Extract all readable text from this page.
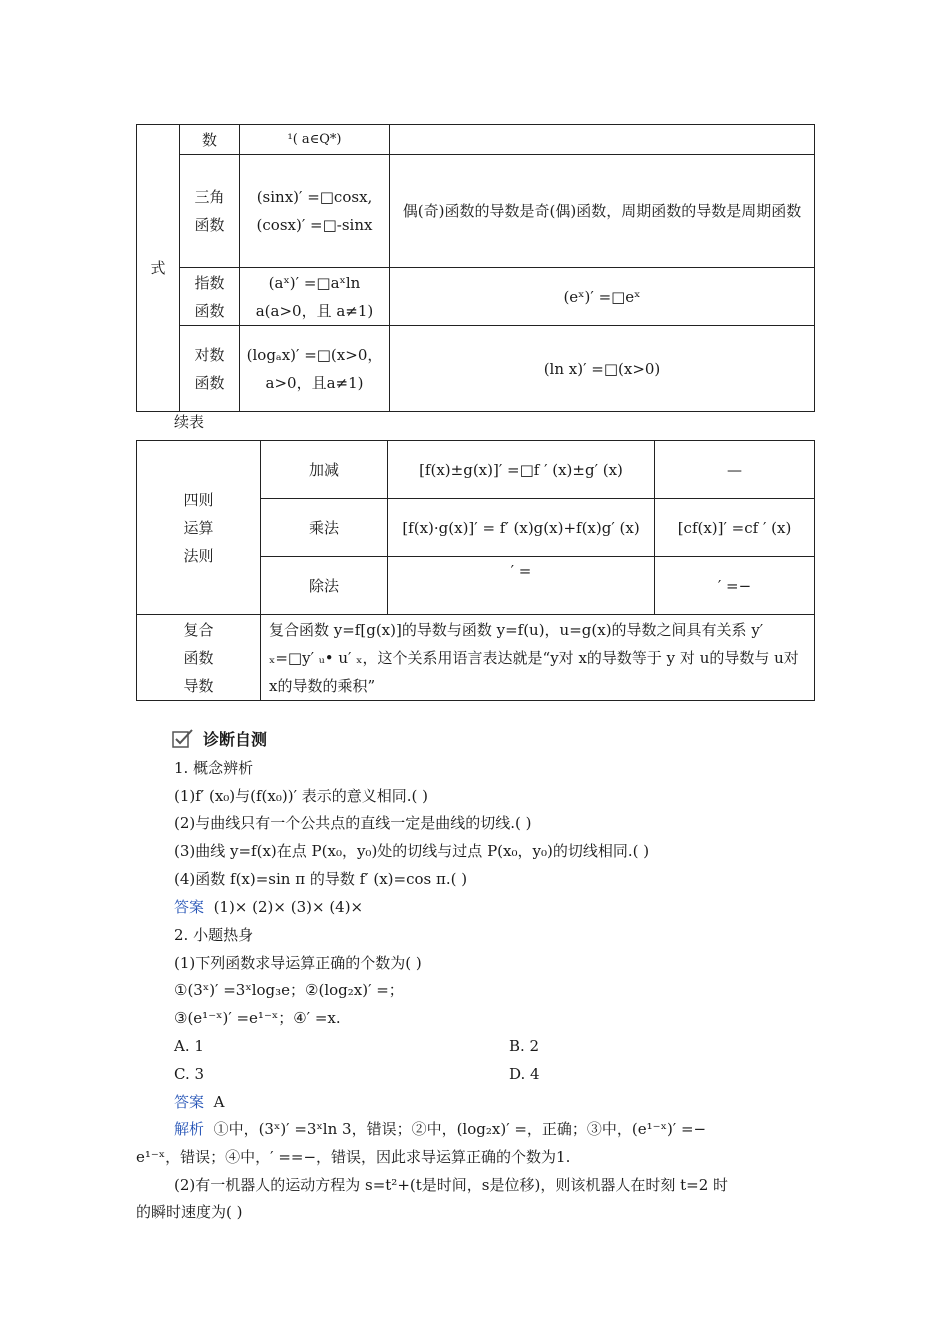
式	数	¹( a∈Q*)	
	三角函数	(sinx)′ =□cosx,(cosx)′ =□-sinx	偶(奇)函数的导数是奇(偶)函数，周期函数的导数是周期函数
	指数函数	(aˣ)′ =□aˣln a(a>0，且 a≠1)	(eˣ)′ =□eˣ
	对数函数	(logₐx)′ =□(x>0，a>0，且a≠1)	(ln x)′ =□(x>0)
续表
四则运算法则	加减	[f(x)±g(x)]′ =□f ′ (x)±g′ (x)	—
	乘法	[f(x)·g(x)]′ = f′ (x)g(x)+f(x)g′ (x)	[cf(x)]′ =cf ′ (x)
	除法	′ =	′ =−
复合函数导数	复合函数 y=f[g(x)]的导数与函数 y=f(u)，u=g(x)的导数之间具有关系 y′ ₓ=□y′ ᵤ• u′ ₓ，这个关系用语言表达就是“y对 x的导数等于 y 对 u的导数与 u对 x的导数的乘积”		
诊断自测
1. 概念辨析
(1)f′ (x₀)与(f(x₀))′ 表示的意义相同.( )
(2)与曲线只有一个公共点的直线一定是曲线的切线.( )
(3)曲线 y=f(x)在点 P(x₀，y₀)处的切线与过点 P(x₀，y₀)的切线相同.( )
(4)函数 f(x)=sin π 的导数 f′ (x)=cos π.( )
答案 (1)× (2)× (3)× (4)×
2. 小题热身
(1)下列函数求导运算正确的个数为( )
①(3ˣ)′ =3ˣlog₃e；②(log₂x)′ =；
③(e¹⁻ˣ)′ =e¹⁻ˣ；④′ =x.
A. 1	B. 2
C. 3	D. 4
答案 A
解析 ①中，(3ˣ)′ =3ˣln 3，错误；②中，(log₂x)′ =，正确；③中，(e¹⁻ˣ)′ =−
e¹⁻ˣ，错误；④中，′ ==−，错误，因此求导运算正确的个数为1.
(2)有一机器人的运动方程为 s=t²+(t是时间，s是位移)，则该机器人在时刻 t=2 时
的瞬时速度为( )
